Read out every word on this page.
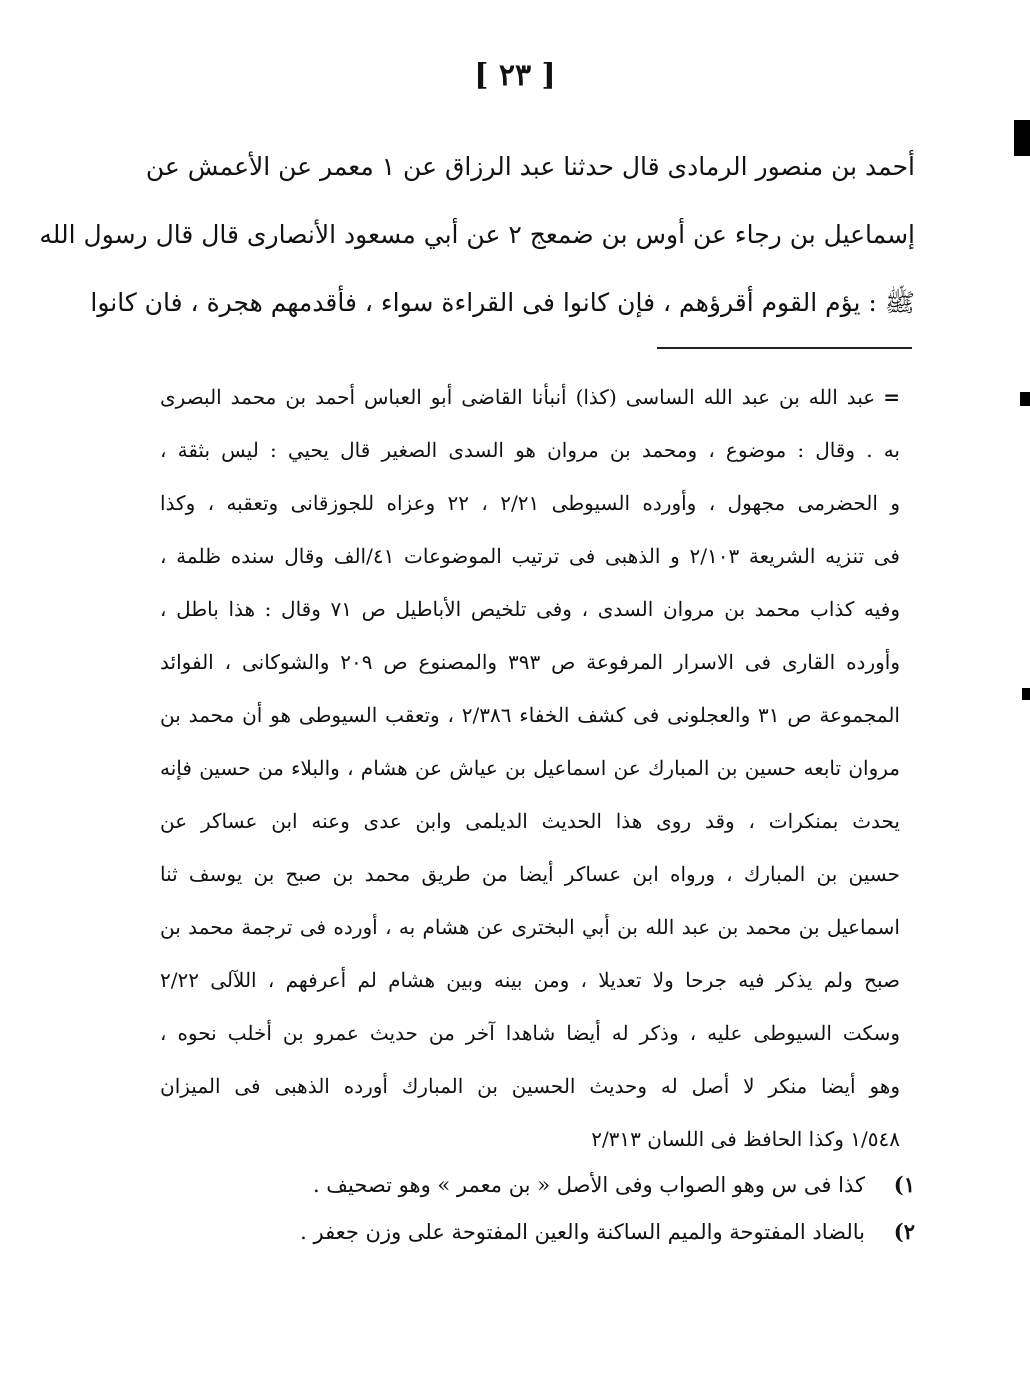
[ ٢٣ ]
أحمد بن منصور الرمادى قال حدثنا عبد الرزاق عن ١ معمر عن الأعمش عن
إسماعيل بن رجاء عن أوس بن ضمعج ٢ عن أبي مسعود الأنصارى قال قال رسول الله
ﷺ : يؤم القوم أقرؤهم ، فإن كانوا فى القراءة سواء ، فأقدمهم هجرة ، فان كانوا
=عبد الله بن عبد الله الساسى (كذا) أنبأنا القاضى أبو العباس أحمد بن محمد البصرى
به . وقال : موضوع ، ومحمد بن مروان هو السدى الصغير قال يحيي : ليس بثقة ،
و الحضرمى مجهول ، وأورده السيوطى ٢/٢١ ، ٢٢ وعزاه للجوزقانى وتعقبه ، وكذا
فى تنزيه الشريعة ٢/١٠٣ و الذهبى فى ترتيب الموضوعات ٤١/الف وقال سنده ظلمة ،
وفيه كذاب محمد بن مروان السدى ، وفى تلخيص الأباطيل ص ٧١ وقال : هذا باطل ،
وأورده القارى فى الاسرار المرفوعة ص ٣٩٣ والمصنوع ص ٢٠٩ والشوكانى ، الفوائد
المجموعة ص ٣١ والعجلونى فى كشف الخفاء ٢/٣٨٦ ، وتعقب السيوطى هو أن محمد بن
مروان تابعه حسين بن المبارك عن اسماعيل بن عياش عن هشام ، والبلاء من حسين فإنه
يحدث بمنكرات ، وقد روى هذا الحديث الديلمى وابن عدى وعنه ابن عساكر عن
حسين بن المبارك ، ورواه ابن عساكر أيضا من طريق محمد بن صبح بن يوسف ثنا
اسماعيل بن محمد بن عبد الله بن أبي البخترى عن هشام به ، أورده فى ترجمة محمد بن
صبح ولم يذكر فيه جرحا ولا تعديلا ، ومن بينه وبين هشام لم أعرفهم ، اللآلى ٢/٢٢
وسكت السيوطى عليه ، وذكر له أيضا شاهدا آخر من حديث عمرو بن أخلب نحوه ،
وهو أيضا منكر لا أصل له وحديث الحسين بن المبارك أورده الذهبى فى الميزان
١/٥٤٨ وكذا الحافظ فى اللسان ٢/٣١٣
١)كذا فى س وهو الصواب وفى الأصل « بن معمر » وهو تصحيف .
٢)بالضاد المفتوحة والميم الساكنة والعين المفتوحة على وزن جعفر .
